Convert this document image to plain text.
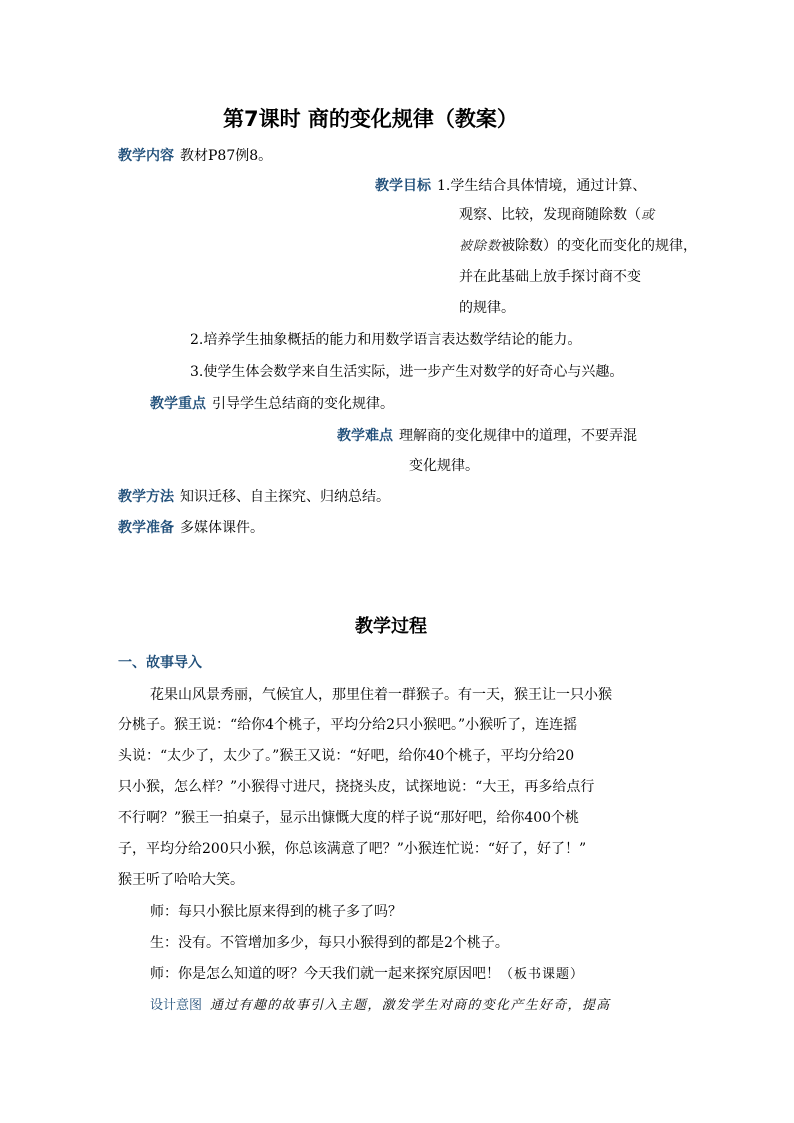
第7课时 商的变化规律（教案）
教学内容 教材P87例8。
教学目标 1.学生结合具体情境，通过计算、
观察、比较，发现商随除数（或
被除数被除数）的变化而变化的规律，
并在此基础上放手探讨商不变
的规律。
2.培养学生抽象概括的能力和用数学语言表达数学结论的能力。
3.使学生体会数学来自生活实际，进一步产生对数学的好奇心与兴趣。
教学重点 引导学生总结商的变化规律。
教学难点 理解商的变化规律中的道理，不要弄混
变化规律。
教学方法 知识迁移、自主探究、归纳总结。
教学准备 多媒体课件。
教学过程
一、故事导入
花果山风景秀丽，气候宜人，那里住着一群猴子。有一天，猴王让一只小猴
分桃子。猴王说：“给你4个桃子，平均分给2只小猴吧。”小猴听了，连连摇
头说：“太少了，太少了。”猴王又说：“好吧，给你40个桃子，平均分给20
只小猴，怎么样？”小猴得寸进尺，挠挠头皮，试探地说：“大王，再多给点行
不行啊？”猴王一拍桌子，显示出慷慨大度的样子说“那好吧，给你400个桃
子，平均分给200只小猴，你总该满意了吧？”小猴连忙说：“好了，好了！”
猴王听了哈哈大笑。
师：每只小猴比原来得到的桃子多了吗？
生：没有。不管增加多少，每只小猴得到的都是2个桃子。
师：你是怎么知道的呀？今天我们就一起来探究原因吧！（板书课题）
设计意图 通过有趣的故事引入主题，激发学生对商的变化产生好奇，提高
